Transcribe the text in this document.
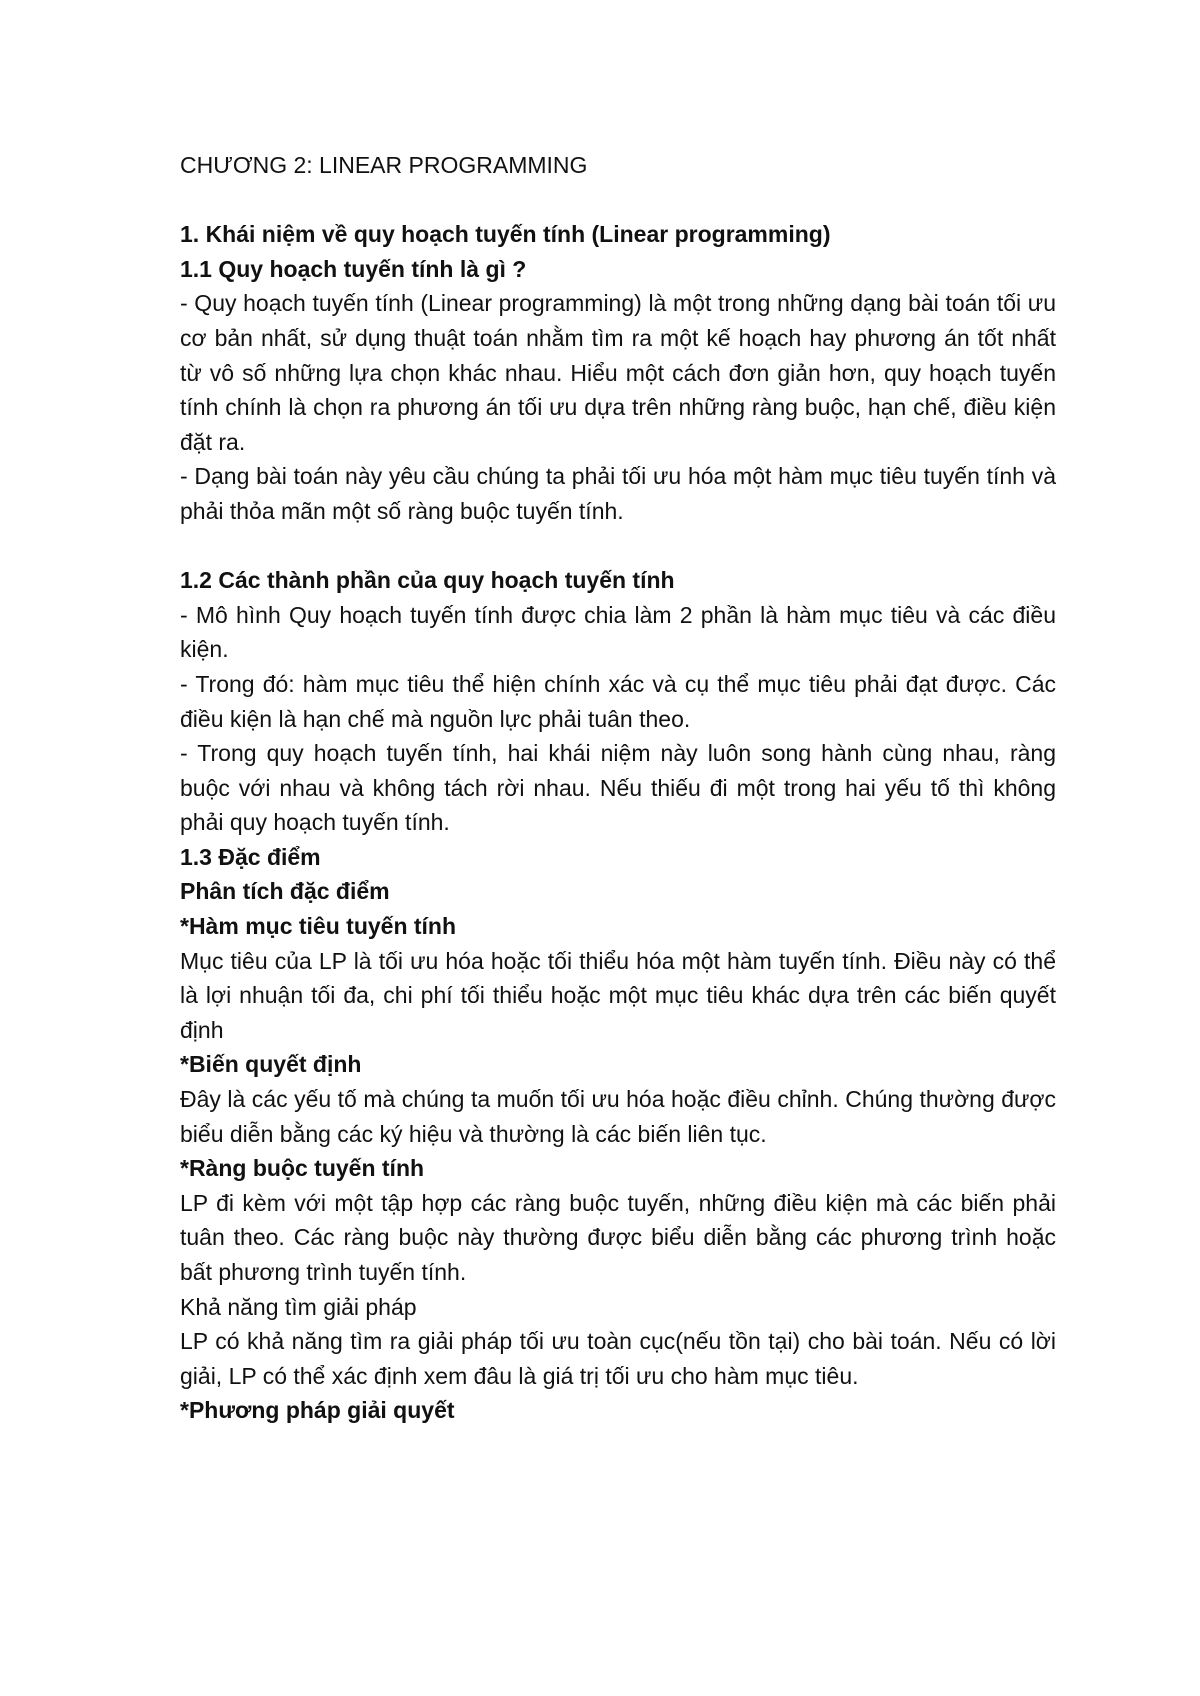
CHƯƠNG 2: LINEAR PROGRAMMING

1. Khái niệm về quy hoạch tuyến tính (Linear programming)

1.1 Quy hoạch tuyến tính là gì ?

- Quy hoạch tuyến tính (Linear programming) là một trong những dạng bài toán tối ưu cơ bản nhất, sử dụng thuật toán nhằm tìm ra một kế hoạch hay phương án tốt nhất từ vô số những lựa chọn khác nhau. Hiểu một cách đơn giản hơn, quy hoạch tuyến tính chính là chọn ra phương án tối ưu dựa trên những ràng buộc, hạn chế, điều kiện đặt ra.

- Dạng bài toán này yêu cầu chúng ta phải tối ưu hóa một hàm mục tiêu tuyến tính và phải thỏa mãn một số ràng buộc tuyến tính.

1.2 Các thành phần của quy hoạch tuyến tính

- Mô hình Quy hoạch tuyến tính được chia làm 2 phần là hàm mục tiêu và các điều kiện.

- Trong đó: hàm mục tiêu thể hiện chính xác và cụ thể mục tiêu phải đạt được. Các điều kiện là hạn chế mà nguồn lực phải tuân theo.

- Trong quy hoạch tuyến tính, hai khái niệm này luôn song hành cùng nhau, ràng buộc với nhau và không tách rời nhau. Nếu thiếu đi một trong hai yếu tố thì không phải quy hoạch tuyến tính.

1.3 Đặc điểm

Phân tích đặc điểm

*Hàm mục tiêu tuyến tính

Mục tiêu của LP là tối ưu hóa hoặc tối thiểu hóa một hàm tuyến tính. Điều này có thể là lợi nhuận tối đa, chi phí tối thiểu hoặc một mục tiêu khác dựa trên các biến quyết định

*Biến quyết định

Đây là các yếu tố mà chúng ta muốn tối ưu hóa hoặc điều chỉnh. Chúng thường được biểu diễn bằng các ký hiệu và thường là các biến liên tục.

*Ràng buộc tuyến tính

LP đi kèm với một tập hợp các ràng buộc tuyến, những điều kiện mà các biến phải tuân theo. Các ràng buộc này thường được biểu diễn bằng các phương trình hoặc bất phương trình tuyến tính.

Khả năng tìm giải pháp

LP có khả năng tìm ra giải pháp tối ưu toàn cục(nếu tồn tại) cho bài toán. Nếu có lời giải, LP có thể xác định xem đâu là giá trị tối ưu cho hàm mục tiêu.

*Phương pháp giải quyết
